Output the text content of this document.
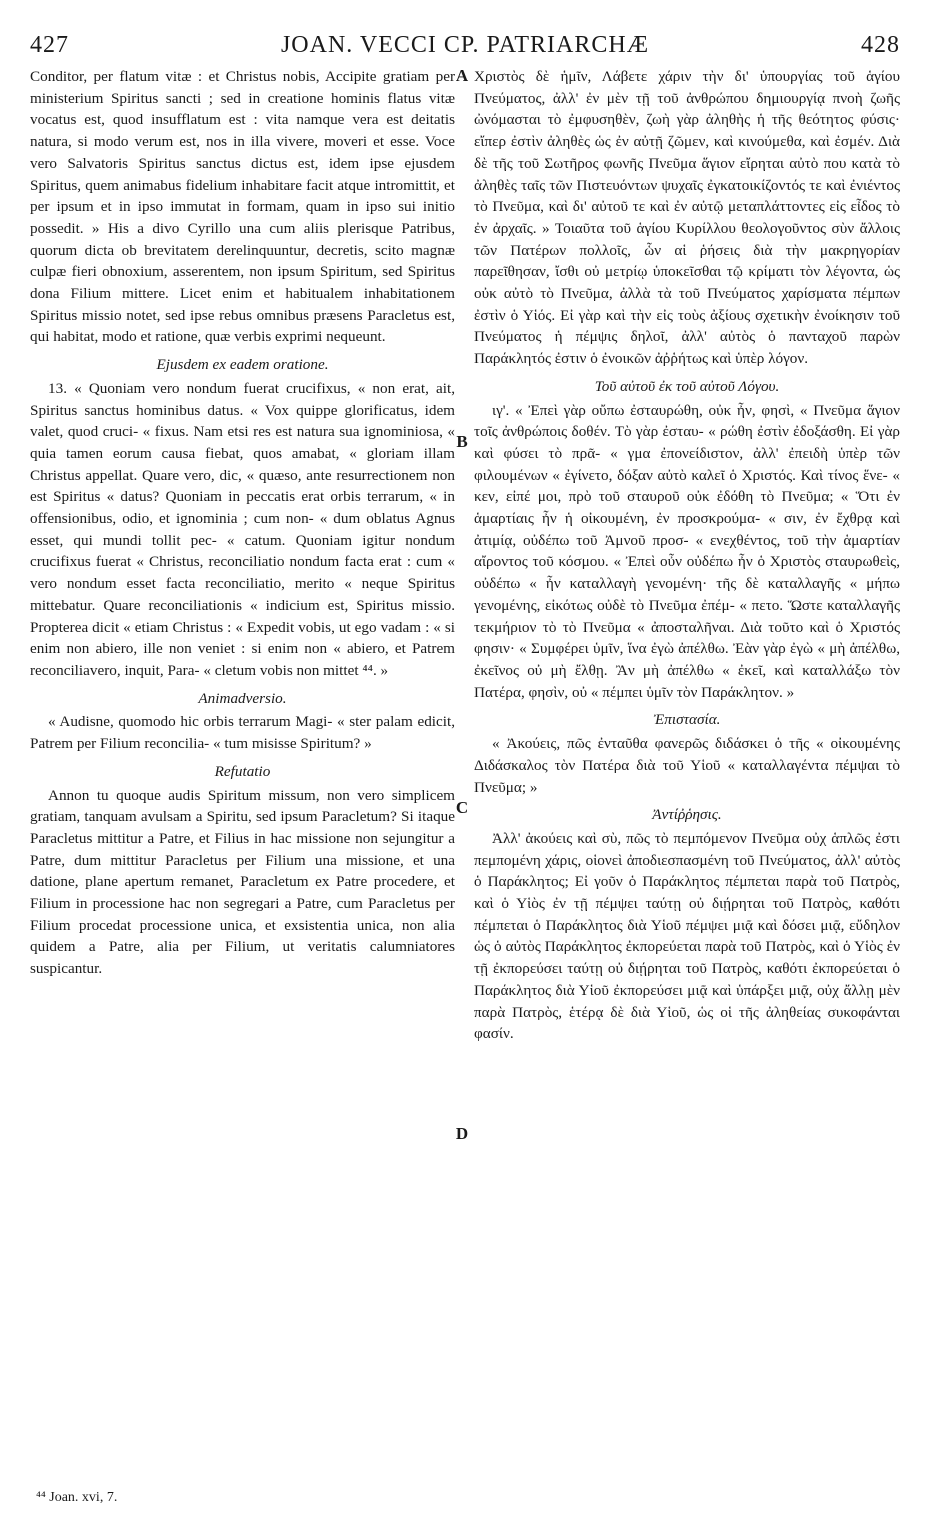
427	JOAN. VECCI CP. PATRIARCHÆ	428

Conditor, per flatum vitæ : et Christus nobis, Accipite gratiam per ministerium Spiritus sancti ; sed in creatione hominis flatus vitæ vocatus est, quod insufflatum est : vita namque vera est deitatis natura, si modo verum est, nos in illa vivere, moveri et esse. Voce vero Salvatoris Spiritus sanctus dictus est, idem ipse ejusdem Spiritus, quem animabus fidelium inhabitare facit atque intromittit, et per ipsum et in ipso immutat in formam, quam in ipso sui initio possedit. » His a divo Cyrillo una cum aliis plerisque Patribus, quorum dicta ob brevitatem derelinquuntur, decretis, scito magnæ culpæ fieri obnoxium, asserentem, non ipsum Spiritum, sed Spiritus dona Filium mittere. Licet enim et habitualem inhabitationem Spiritus missio notet, sed ipse rebus omnibus præsens Paracletus est, qui habitat, modo et ratione, quæ verbis exprimi nequeunt.

Ejusdem ex eadem oratione.

13. « Quoniam vero nondum fuerat crucifixus, « non erat, ait, Spiritus sanctus hominibus datus. « Vox quippe glorificatus, idem valet, quod cruci- « fixus. Nam etsi res est natura sua ignominiosa, « quia tamen eorum causa fiebat, quos amabat, « gloriam illam Christus appellat. Quare vero, dic, « quæso, ante resurrectionem non est Spiritus « datus? Quoniam in peccatis erat orbis terrarum, « in offensionibus, odio, et ignominia ; cum non- « dum oblatus Agnus esset, qui mundi tollit pec- « catum. Quoniam igitur nondum crucifixus fuerat « Christus, reconciliatio nondum facta erat : cum « vero nondum esset facta reconciliatio, merito « neque Spiritus mittebatur. Quare reconciliationis « indicium est, Spiritus missio. Propterea dicit « etiam Christus : « Expedit vobis, ut ego vadam : « si enim non abiero, ille non veniet : si enim non « abiero, et Patrem reconciliavero, inquit, Para- « cletum vobis non mittet ⁴⁴. »

Animadversio.

« Audisne, quomodo hic orbis terrarum Magi- « ster palam edicit, Patrem per Filium reconcilia- « tum misisse Spiritum? »

Refutatio

Annon tu quoque audis Spiritum missum, non vero simplicem gratiam, tanquam avulsam a Spiritu, sed ipsum Paracletum? Si itaque Paracletus mittitur a Patre, et Filius in hac missione non sejungitur a Patre, dum mittitur Paracletus per Filium una missione, et una datione, plane apertum remanet, Paracletum ex Patre procedere, et Filium in processione hac non segregari a Patre, cum Paracletus per Filium procedat processione unica, et exsistentia unica, non alia quidem a Patre, alia per Filium, ut veritatis calumniatores suspicantur.

A
B
C
D

Χριστὸς δὲ ἡμῖν, Λάβετε χάριν τὴν δι' ὑπουργίας τοῦ ἁγίου Πνεύματος, ἀλλ' ἐν μὲν τῇ τοῦ ἀνθρώπου δημιουργίᾳ πνοὴ ζωῆς ὠνόμασται τὸ ἐμφυσηθὲν, ζωὴ γὰρ ἀληθὴς ἡ τῆς θεότητος φύσις· εἴπερ ἐστὶν ἀληθὲς ὡς ἐν αὐτῇ ζῶμεν, καὶ κινούμεθα, καὶ ἐσμέν. Διὰ δὲ τῆς τοῦ Σωτῆρος φωνῆς Πνεῦμα ἅγιον εἴρηται αὐτὸ που κατὰ τὸ ἀληθὲς ταῖς τῶν Πιστευόντων ψυχαῖς ἐγκατοικίζοντός τε καὶ ἐνιέντος τὸ Πνεῦμα, καὶ δι' αὐτοῦ τε καὶ ἐν αὐτῷ μεταπλάττοντες εἰς εἶδος τὸ ἐν ἀρχαῖς. » Τοιαῦτα τοῦ ἁγίου Κυρίλλου θεολογοῦντος σὺν ἄλλοις τῶν Πατέρων πολλοῖς, ὧν αἱ ῥήσεις διὰ τὴν μακρηγορίαν παρεῖθησαν, ἴσθι οὐ μετρίῳ ὑποκεῖσθαι τῷ κρίματι τὸν λέγοντα, ὡς οὐκ αὐτὸ τὸ Πνεῦμα, ἀλλὰ τὰ τοῦ Πνεύματος χαρίσματα πέμπων ἐστὶν ὁ Υἱός. Εἰ γὰρ καὶ τὴν εἰς τοὺς ἀξίους σχετικὴν ἐνοίκησιν τοῦ Πνεύματος ἡ πέμψις δηλοῖ, ἀλλ' αὐτὸς ὁ πανταχοῦ παρὼν Παράκλητός ἐστιν ὁ ἐνοικῶν ἀῤῥήτως καὶ ὑπὲρ λόγον.

Τοῦ αὐτοῦ ἐκ τοῦ αὐτοῦ Λόγου.

ιγ'. « Ἐπεὶ γὰρ οὔπω ἐσταυρώθη, οὐκ ἦν, φησὶ, « Πνεῦμα ἅγιον τοῖς ἀνθρώποις δοθέν. Τὸ γὰρ ἐσταυ- « ρώθη ἐστὶν ἐδοξάσθη. Εἰ γὰρ καὶ φύσει τὸ πρᾶ- « γμα ἐπονείδιστον, ἀλλ' ἐπειδὴ ὑπὲρ τῶν φιλουμένων « ἐγίνετο, δόξαν αὐτὸ καλεῖ ὁ Χριστός. Καὶ τίνος ἕνε- « κεν, εἰπέ μοι, πρὸ τοῦ σταυροῦ οὐκ ἐδόθη τὸ Πνεῦμα; « Ὅτι ἐν ἁμαρτίαις ἦν ἡ οἰκουμένη, ἐν προσκρούμα- « σιν, ἐν ἔχθρᾳ καὶ ἀτιμίᾳ, οὐδέπω τοῦ Ἀμνοῦ προσ- « ενεχθέντος, τοῦ τὴν ἁμαρτίαν αἴροντος τοῦ κόσμου. « Ἐπεὶ οὖν οὐδέπω ἦν ὁ Χριστὸς σταυρωθεὶς, οὐδέπω « ἦν καταλλαγὴ γενομένη· τῆς δὲ καταλλαγῆς « μήπω γενομένης, εἰκότως οὐδὲ τὸ Πνεῦμα ἐπέμ- « πετο. Ὥστε καταλλαγῆς τεκμήριον τὸ τὸ Πνεῦμα « ἀποσταλῆναι. Διὰ τοῦτο καὶ ὁ Χριστός φησιν· « Συμφέρει ὑμῖν, ἵνα ἐγὼ ἀπέλθω. Ἐὰν γὰρ ἐγὼ « μὴ ἀπέλθω, ἐκεῖνος οὐ μὴ ἔλθῃ. Ἂν μὴ ἀπέλθω « ἐκεῖ, καὶ καταλλάξω τὸν Πατέρα, φησὶν, οὐ « πέμπει ὑμῖν τὸν Παράκλητον. »

Ἐπιστασία.

« Ἀκούεις, πῶς ἐνταῦθα φανερῶς διδάσκει ὁ τῆς « οἰκουμένης Διδάσκαλος τὸν Πατέρα διὰ τοῦ Υἱοῦ « καταλλαγέντα πέμψαι τὸ Πνεῦμα; »

Ἀντίῤῥησις.

Ἀλλ' ἀκούεις καὶ σὺ, πῶς τὸ πεμπόμενον Πνεῦμα οὐχ ἁπλῶς ἐστι πεμπομένη χάρις, οἱονεὶ ἀποδιεσπασμένη τοῦ Πνεύματος, ἀλλ' αὐτὸς ὁ Παράκλητος; Εἰ γοῦν ὁ Παράκλητος πέμπεται παρὰ τοῦ Πατρὸς, καὶ ὁ Υἱὸς ἐν τῇ πέμψει ταύτῃ οὐ διῄρηται τοῦ Πατρὸς, καθότι πέμπεται ὁ Παράκλητος διὰ Υἱοῦ πέμψει μιᾷ καὶ δόσει μιᾷ, εὔδηλον ὡς ὁ αὐτὸς Παράκλητος ἐκπορεύεται παρὰ τοῦ Πατρὸς, καὶ ὁ Υἱὸς ἐν τῇ ἐκπορεύσει ταύτῃ οὐ διῄρηται τοῦ Πατρὸς, καθότι ἐκπορεύεται ὁ Παράκλητος διὰ Υἱοῦ ἐκπορεύσει μιᾷ καὶ ὑπάρξει μιᾷ, οὐχ ἄλλῃ μὲν παρὰ Πατρὸς, ἑτέρᾳ δὲ διὰ Υἱοῦ, ὡς οἱ τῆς ἀληθείας συκοφάνται φασίν.

⁴⁴ Joan. xvi, 7.
